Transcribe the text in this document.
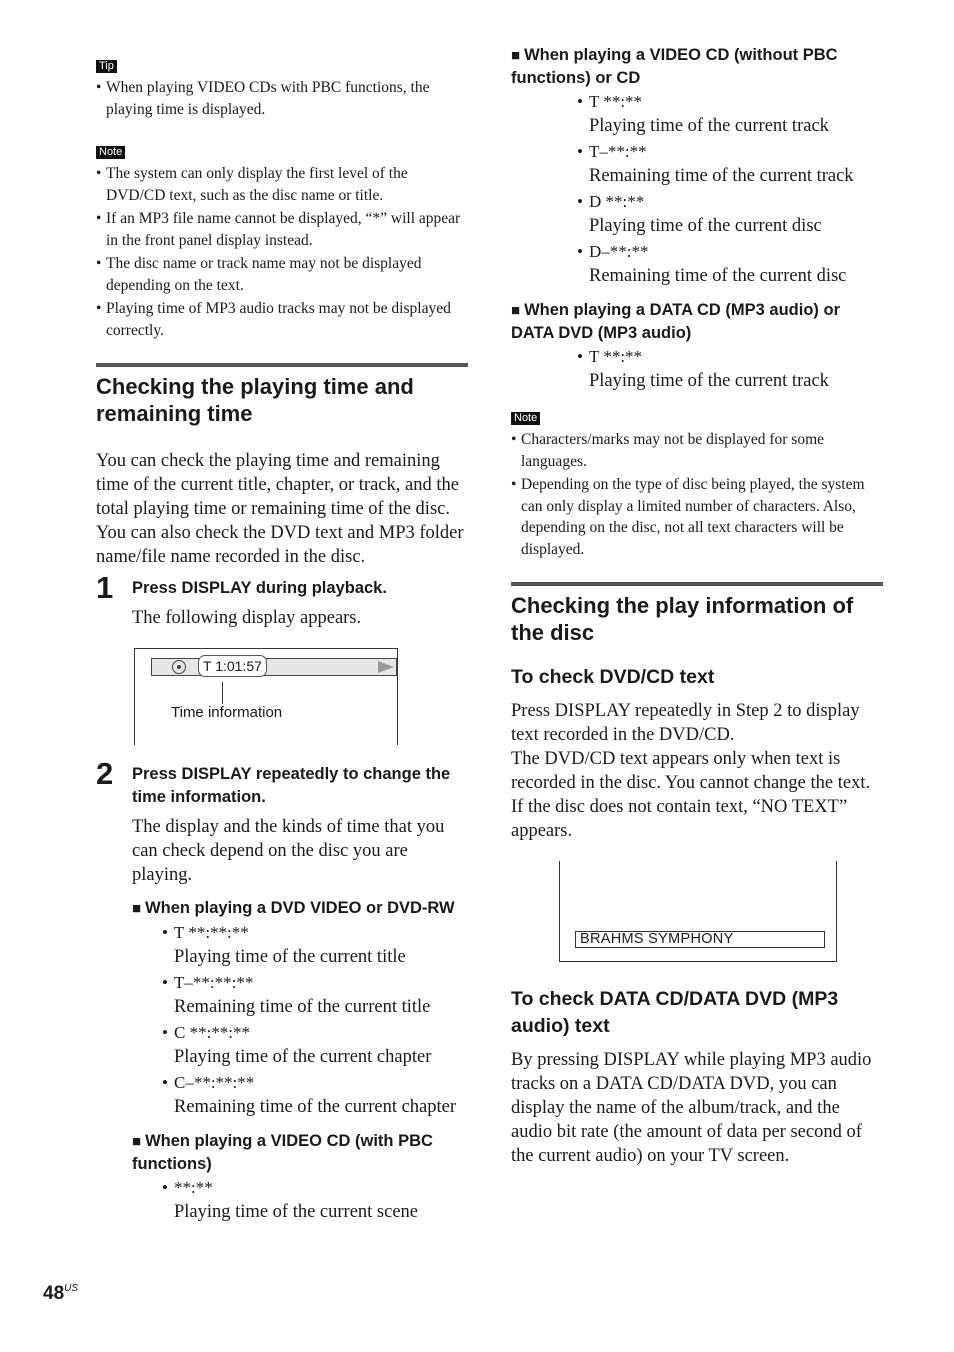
Tip
• When playing VIDEO CDs with PBC functions, the playing time is displayed.
Note
• The system can only display the first level of the DVD/CD text, such as the disc name or title.
• If an MP3 file name cannot be displayed, “*” will appear in the front panel display instead.
• The disc name or track name may not be displayed depending on the text.
• Playing time of MP3 audio tracks may not be displayed correctly.
Checking the playing time and remaining time

You can check the playing time and remaining time of the current title, chapter, or track, and the total playing time or remaining time of the disc. You can also check the DVD text and MP3 folder name/file name recorded in the disc.

1 Press DISPLAY during playback.

The following display appears.

T 1:01:57
Time information
2 Press DISPLAY repeatedly to change the time information.

The display and the kinds of time that you can check depend on the disc you are playing.

■ When playing a DVD VIDEO or DVD-RW
• T **:**:**
Playing time of the current title
• T–**:**:**
Remaining time of the current title
• C **:**:**
Playing time of the current chapter
• C–**:**:**
Remaining time of the current chapter
■ When playing a VIDEO CD (with PBC functions)
• **:**
Playing time of the current scene
■ When playing a VIDEO CD (without PBC functions) or CD
• T **:**
Playing time of the current track
• T–**:**
Remaining time of the current track
• D **:**
Playing time of the current disc
• D–**:**
Remaining time of the current disc
■ When playing a DATA CD (MP3 audio) or DATA DVD (MP3 audio)
• T **:**
Playing time of the current track
Note
• Characters/marks may not be displayed for some languages.
• Depending on the type of disc being played, the system can only display a limited number of characters. Also, depending on the disc, not all text characters will be displayed.
Checking the play information of the disc
To check DVD/CD text

Press DISPLAY repeatedly in Step 2 to display text recorded in the DVD/CD.
The DVD/CD text appears only when text is recorded in the disc. You cannot change the text. If the disc does not contain text, “NO TEXT” appears.

BRAHMS SYMPHONY
To check DATA CD/DATA DVD (MP3 audio) text

By pressing DISPLAY while playing MP3 audio tracks on a DATA CD/DATA DVD, you can display the name of the album/track, and the audio bit rate (the amount of data per second of the current audio) on your TV screen.

$48^{US}$
